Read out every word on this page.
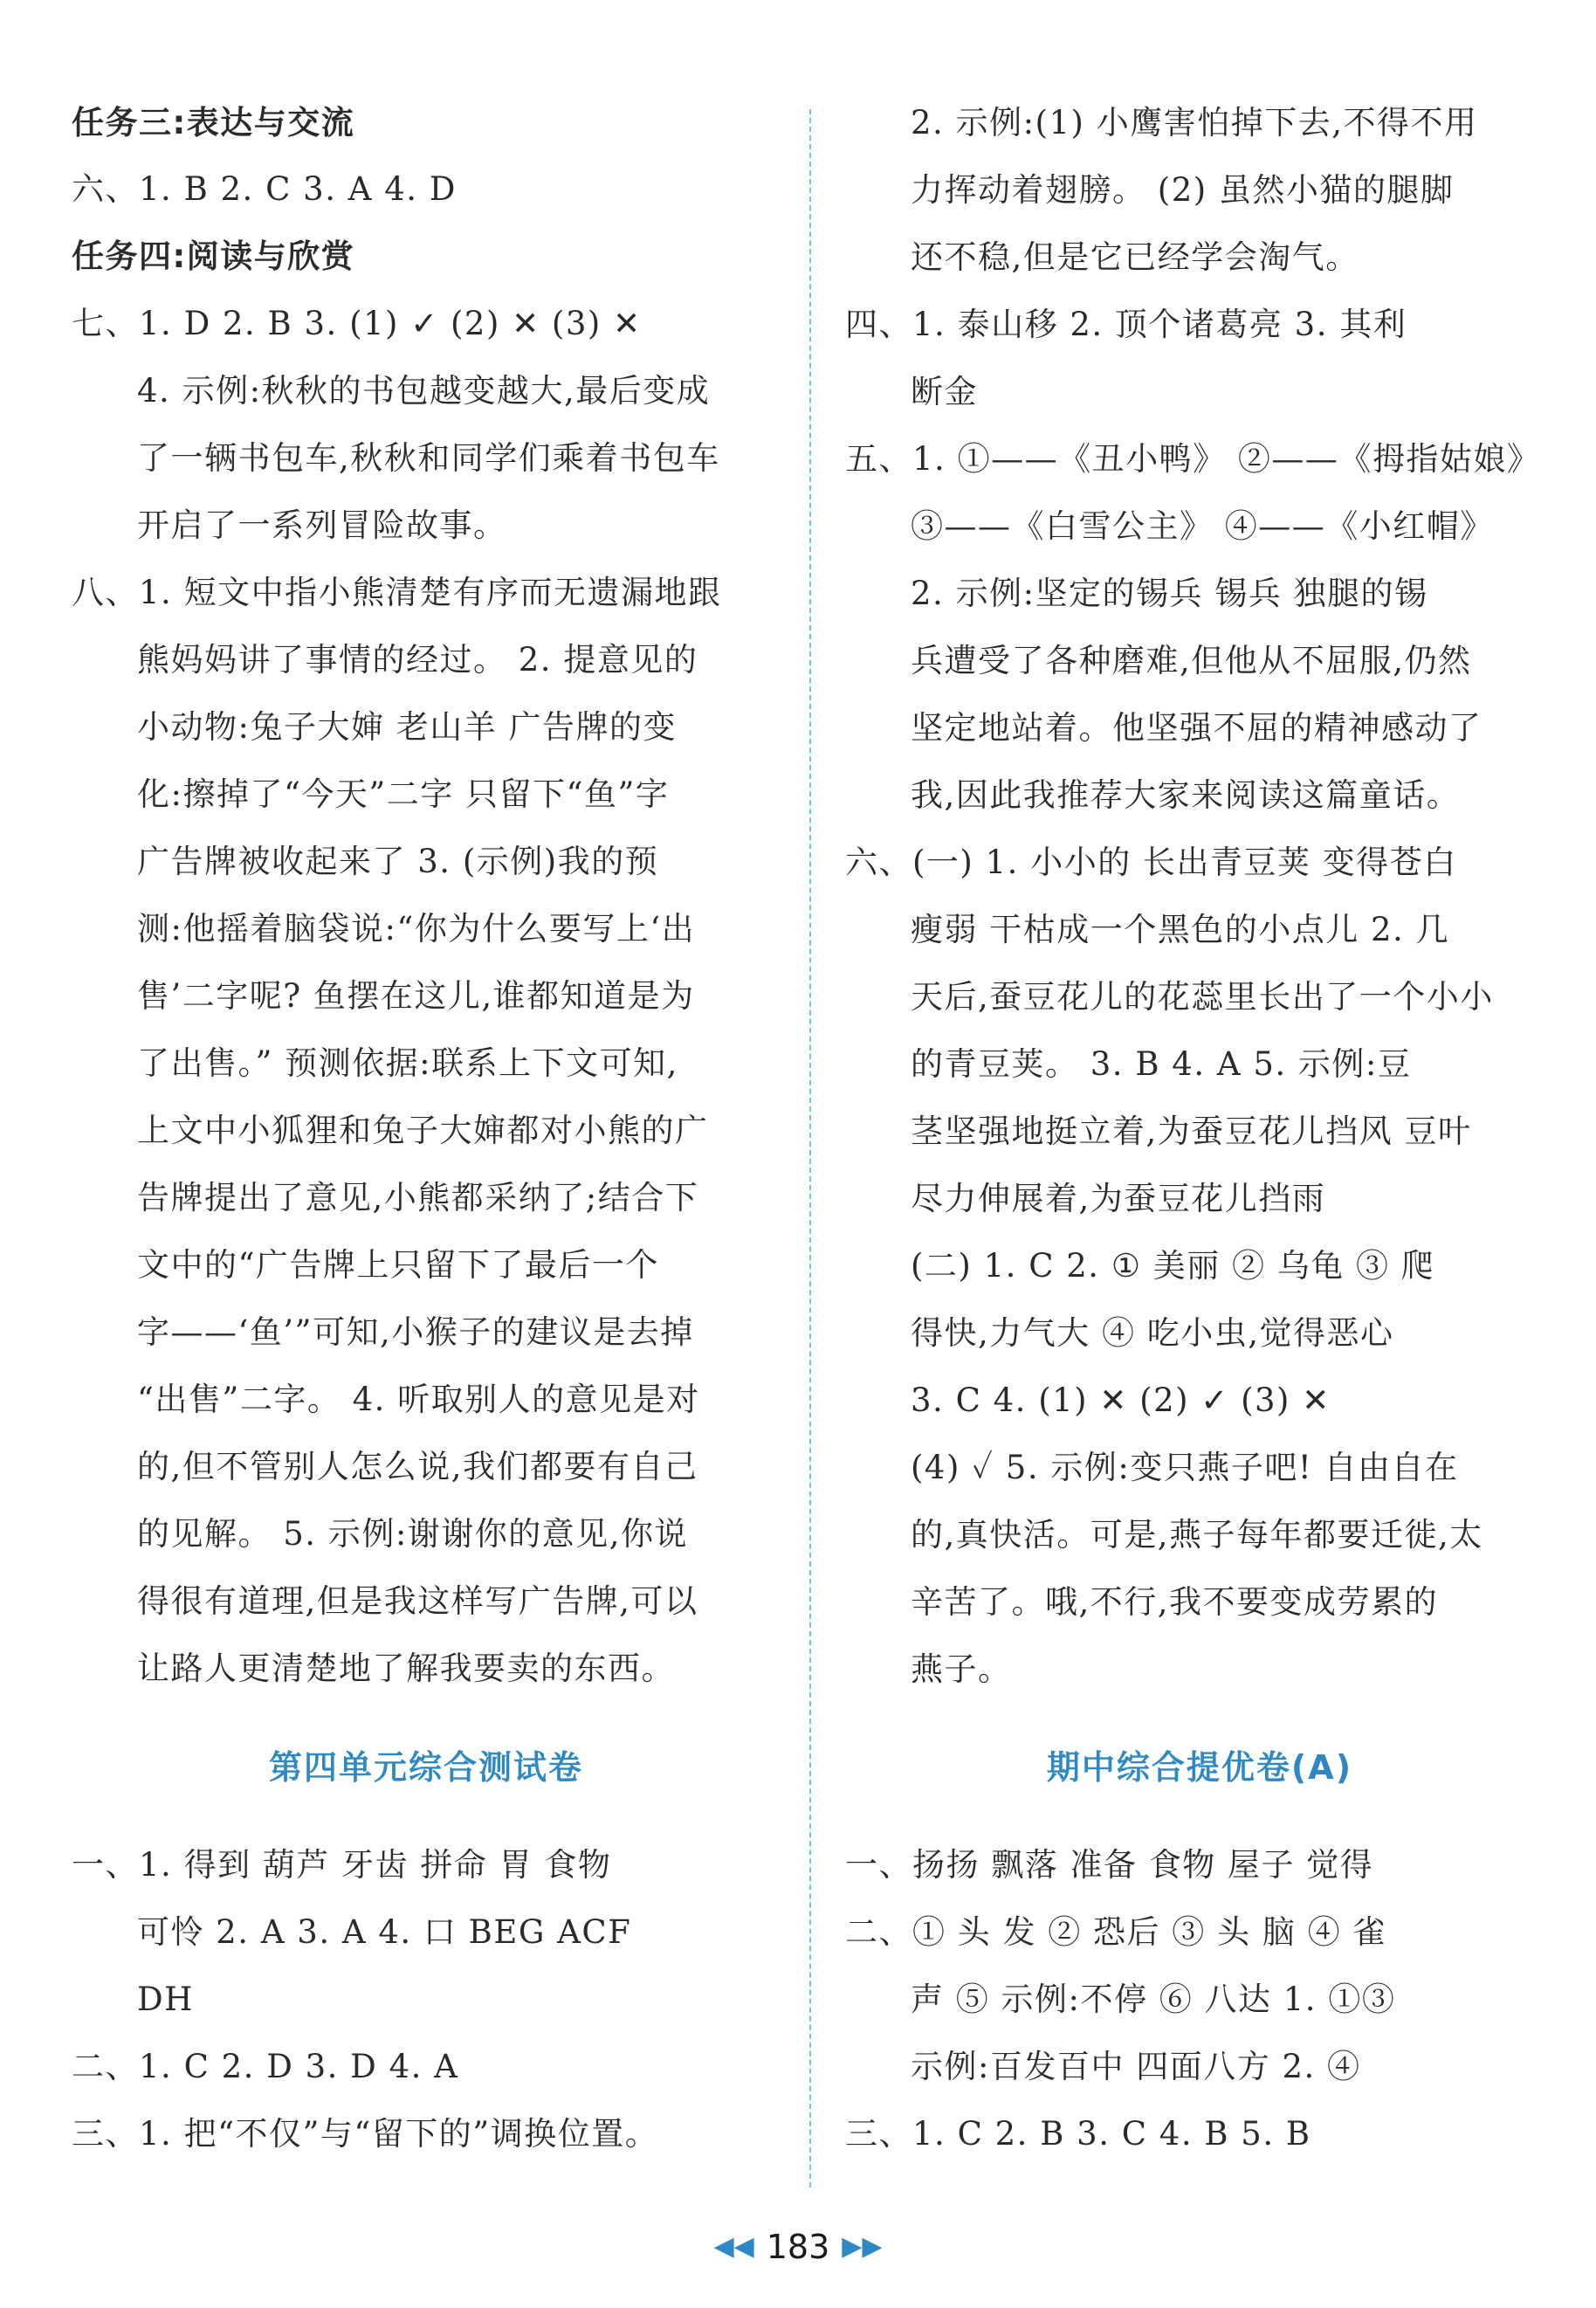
任务三:表达与交流
六、1. B 2. C 3. A 4. D
任务四:阅读与欣赏
七、1. D 2. B 3. (1) ✓ (2) ✕ (3) ✕
4. 示例:秋秋的书包越变越大,最后变成
了一辆书包车,秋秋和同学们乘着书包车
开启了一系列冒险故事。
八、1. 短文中指小熊清楚有序而无遗漏地跟
熊妈妈讲了事情的经过。 2. 提意见的
小动物:兔子大婶 老山羊 广告牌的变
化:擦掉了“今天”二字 只留下“鱼”字
广告牌被收起来了 3. (示例)我的预
测:他摇着脑袋说:“你为什么要写上‘出
售’二字呢? 鱼摆在这儿,谁都知道是为
了出售。” 预测依据:联系上下文可知,
上文中小狐狸和兔子大婶都对小熊的广
告牌提出了意见,小熊都采纳了;结合下
文中的“广告牌上只留下了最后一个
字——‘鱼’”可知,小猴子的建议是去掉
“出售”二字。 4. 听取别人的意见是对
的,但不管别人怎么说,我们都要有自己
的见解。 5. 示例:谢谢你的意见,你说
得很有道理,但是我这样写广告牌,可以
让路人更清楚地了解我要卖的东西。
第四单元综合测试卷
一、1. 得到 葫芦 牙齿 拼命 胃 食物
可怜 2. A 3. A 4. 口 BEG ACF
DH
二、1. C 2. D 3. D 4. A
三、1. 把“不仅”与“留下的”调换位置。
2. 示例:(1) 小鹰害怕掉下去,不得不用
力挥动着翅膀。 (2) 虽然小猫的腿脚
还不稳,但是它已经学会淘气。
四、1. 泰山移 2. 顶个诸葛亮 3. 其利
断金
五、1. ①——《丑小鸭》 ②——《拇指姑娘》
③——《白雪公主》 ④——《小红帽》
2. 示例:坚定的锡兵 锡兵 独腿的锡
兵遭受了各种磨难,但他从不屈服,仍然
坚定地站着。他坚强不屈的精神感动了
我,因此我推荐大家来阅读这篇童话。
六、(一) 1. 小小的 长出青豆荚 变得苍白
瘦弱 干枯成一个黑色的小点儿 2. 几
天后,蚕豆花儿的花蕊里长出了一个小小
的青豆荚。 3. B 4. A 5. 示例:豆
茎坚强地挺立着,为蚕豆花儿挡风 豆叶
尽力伸展着,为蚕豆花儿挡雨
(二) 1. C 2. ① 美丽 ② 乌龟 ③ 爬
得快,力气大 ④ 吃小虫,觉得恶心
3. C 4. (1) ✕ (2) ✓ (3) ✕
(4) ✓ 5. 示例:变只燕子吧! 自由自在
的,真快活。可是,燕子每年都要迁徙,太
辛苦了。哦,不行,我不要变成劳累的
燕子。
期中综合提优卷(A)
一、扬扬 飘落 准备 食物 屋子 觉得
二、① 头 发 ② 恐后 ③ 头 脑 ④ 雀
声 ⑤ 示例:不停 ⑥ 八达 1. ①③
示例:百发百中 四面八方 2. ④
三、1. C 2. B 3. C 4. B 5. B
◀◀ 183 ▶▶
